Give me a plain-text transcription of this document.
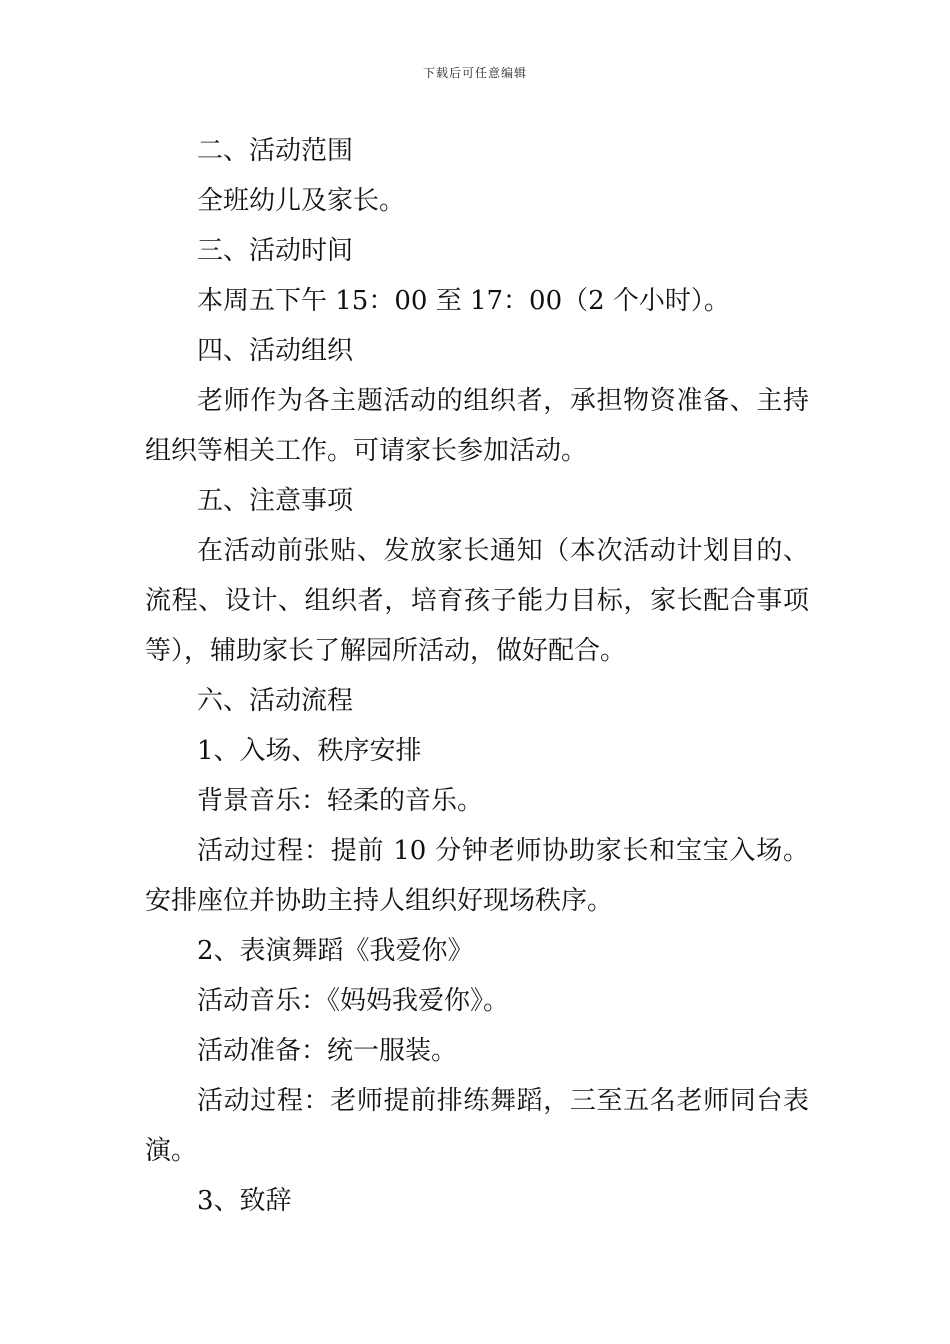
下载后可任意编辑

二、活动范围

全班幼儿及家长。

三、活动时间

本周五下午 15：00 至 17：00（2 个小时）。

四、活动组织

老师作为各主题活动的组织者，承担物资准备、主持组织等相关工作。可请家长参加活动。

五、注意事项

在活动前张贴、发放家长通知（本次活动计划目的、流程、设计、组织者，培育孩子能力目标，家长配合事项等），辅助家长了解园所活动，做好配合。

六、活动流程

1、入场、秩序安排

背景音乐：轻柔的音乐。

活动过程：提前 10 分钟老师协助家长和宝宝入场。安排座位并协助主持人组织好现场秩序。

2、表演舞蹈《我爱你》

活动音乐：《妈妈我爱你》。

活动准备：统一服装。

活动过程：老师提前排练舞蹈，三至五名老师同台表演。

3、致辞
